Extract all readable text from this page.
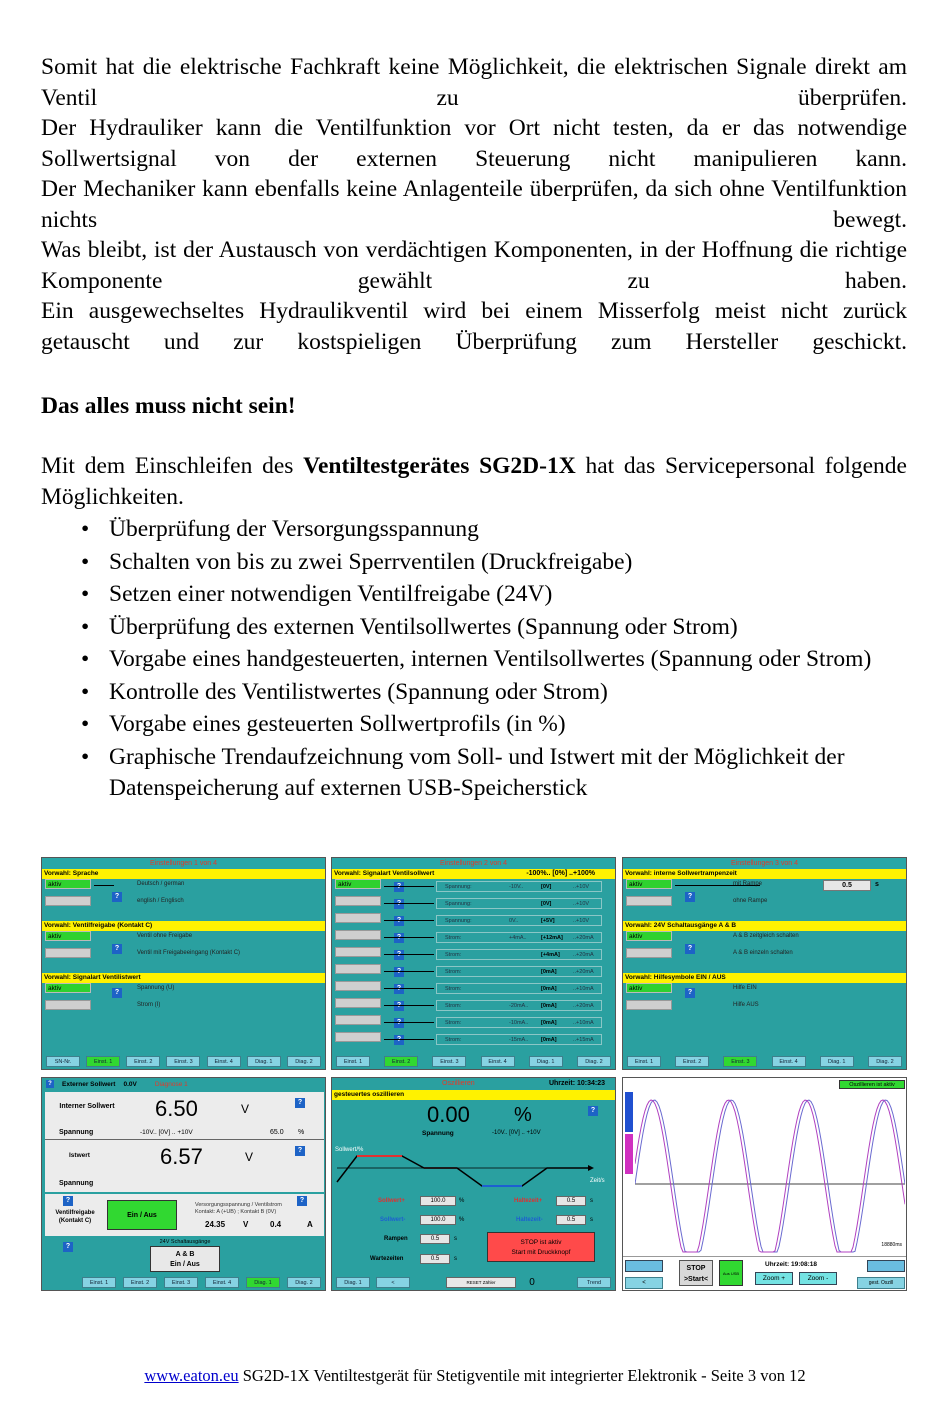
Somit hat die elektrische Fachkraft keine Möglichkeit, die elektrischen Signale direkt am Ventil zu überprüfen.

Der Hydrauliker kann die Ventilfunktion vor Ort nicht testen, da er das notwendige Sollwertsignal von der externen Steuerung nicht manipulieren kann.

Der Mechaniker kann ebenfalls keine Anlagenteile überprüfen, da sich ohne Ventilfunktion nichts bewegt.

Was bleibt, ist der Austausch von verdächtigen Komponenten, in der Hoffnung die richtige Komponente gewählt zu haben.

Ein ausgewechseltes Hydraulikventil wird bei einem Misserfolg meist nicht zurück getauscht und zur kostspieligen Überprüfung zum Hersteller geschickt.

Das alles muss nicht sein!

Mit dem Einschleifen des Ventiltestgerätes SG2D-1X hat das Servicepersonal folgende Möglichkeiten.

• Überprüfung der Versorgungsspannung
• Schalten von bis zu zwei Sperrventilen (Druckfreigabe)
• Setzen einer notwendigen Ventilfreigabe (24V)
• Überprüfung des externen Ventilsollwertes (Spannung oder Strom)
• Vorgabe eines handgesteuerten, internen Ventilsollwertes (Spannung oder Strom)
• Kontrolle des Ventilistwertes (Spannung oder Strom)
• Vorgabe eines gesteuerten Sollwertprofils (in %)
• Graphische Trendaufzeichnung vom Soll- und Istwert mit der Möglichkeit der Datenspeicherung auf externen USB-Speicherstick
Einstellungen 1 von 4
Vorwahl: Sprache
aktiv	Deutsch / german
?
english / Englisch
Vorwahl: Ventilfreigabe (Kontakt C)
aktiv	Ventil ohne Freigabe
?
Ventil mit Freigabeeingang (Kontakt C)
Vorwahl: Signalart Ventilistwert
aktiv
?
Spannung (U)
Strom (I)
SN-Nr.	Einst. 1	Einst. 2	Einst. 3	Einst. 4	Diag. 1	Diag. 2
Einstellungen 2 von 4
Vorwahl: Signalart Ventilsollwert	-100%.. [0%] ..+100%
aktiv	Spannung:	-10V..	[0V]	..+10V
Spannung:	[0V]	..+10V
Spannung:	0V..	[+5V]	..+10V
Strom:	+4mA..	[+12mA] ..+20mA
Strom:	[+4mA] ..+20mA
Strom:	[0mA]	..+20mA
Strom:	[0mA]	..+10mA
Strom:	-20mA.. [0mA]	..+20mA
Strom:	-10mA.. [0mA]	..+10mA
Strom:	-15mA.. [0mA]	..+15mA
Einst. 1	Einst. 2	Einst. 3	Einst. 4	Diag. 1	Diag. 2
Einstellungen 3 von 4
Vorwahl: interne Sollwertrampenzeit
aktiv	mit Rampe	0.5	s
?
ohne Rampe
Vorwahl: 24V Schaltausgänge A & B
aktiv	A & B zeitgleich schalten
?
A & B einzeln schalten
Vorwahl: Hilfesymbole EIN / AUS
aktiv
?
Hilfe EIN
Hilfe AUS
Einst. 1	Einst. 2	Einst. 3	Einst. 4	Diag. 1	Diag. 2
?	Externer Sollwert 0.0V	Diagnose 1
Interner Sollwert 6.50	V	?
Spannung	-10V.. [0V] .. +10V	65.0 %
Istwert	6.57	V	?
Spannung
?
Ventilfreigabe (Kontakt C)
Ein / Aus
?
Versorgungsspannung / Ventilstrom
Kontakt: A (+UB) ; Kontakt B (0V)
24.35 V	0.4	A
?
24V Schaltausgänge
A & B
Ein / Aus
Einst. 1	Einst. 2	Einst. 3	Einst. 4	Diag. 1	Diag. 2
Oszillieren	Uhrzeit: 10:34:23
gesteuertes oszillieren
0.00 %	?
Spannung	-10V.. [0V] .. +10V
Sollwert/%
Zeit/s
Sollwert+	100.0	%	Haltezeit+	0.5	s
Sollwert-	100.0	%	Haltezeit-	0.5	s
Rampen	0.5	s
Wartezeiten	0.5	s
STOP ist aktiv
Start mit Druckknopf
Diag. 1	<	RESET Zähler	0	Trend
Oszillieren ist aktiv
18880ms
STOP
>Start<
Aus USB
Uhrzeit: 19:08:18
Zoom +	Zoom -
<	gest. Oszill
www.eaton.eu SG2D-1X Ventiltestgerät für Stetigventile mit integrierter Elektronik - Seite 3 von 12
